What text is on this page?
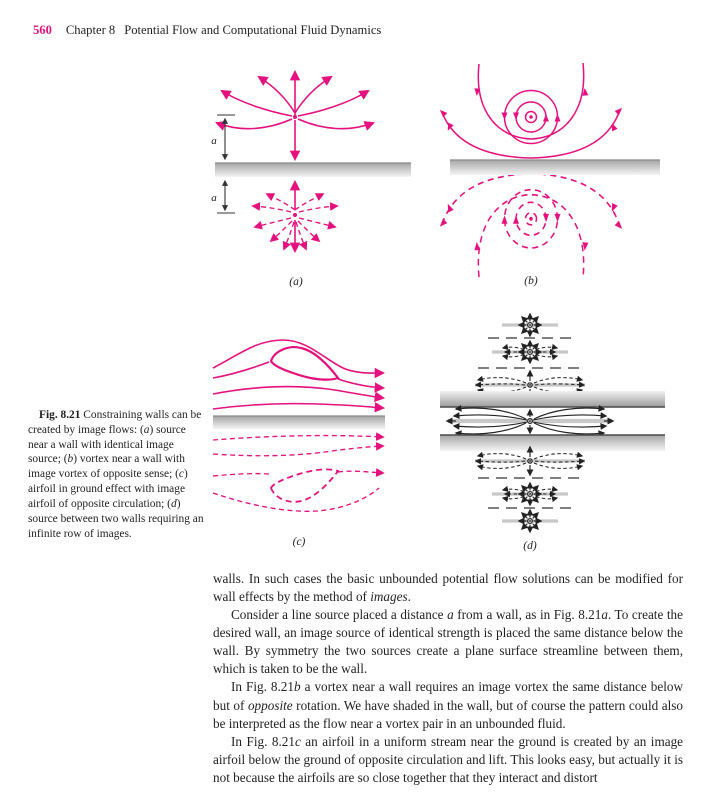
560 Chapter 8 Potential Flow and Computational Fluid Dynamics
a
a
(a)	(b)
(c)	(d)
Fig. 8.21 Constraining walls can be created by image flows: (a) source near a wall with identical image source; (b) vortex near a wall with image vortex of opposite sense; (c) airfoil in ground effect with image airfoil of opposite circulation; (d) source between two walls requiring an infinite row of images.

walls. In such cases the basic unbounded potential flow solutions can be modified for wall effects by the method of images.

Consider a line source placed a distance a from a wall, as in Fig. 8.21a. To create the desired wall, an image source of identical strength is placed the same distance below the wall. By symmetry the two sources create a plane surface streamline between them, which is taken to be the wall.

In Fig. 8.21b a vortex near a wall requires an image vortex the same distance below but of opposite rotation. We have shaded in the wall, but of course the pattern could also be interpreted as the flow near a vortex pair in an unbounded fluid.

In Fig. 8.21c an airfoil in a uniform stream near the ground is created by an image airfoil below the ground of opposite circulation and lift. This looks easy, but actually it is not because the airfoils are so close together that they interact and distort
